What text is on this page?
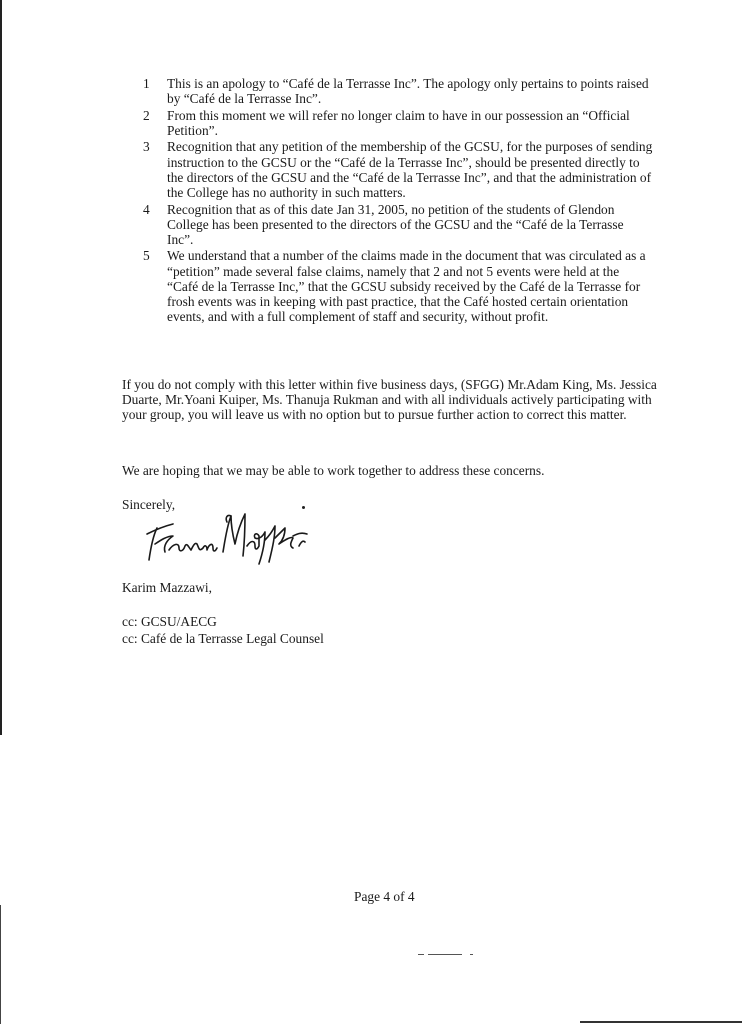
1 This is an apology to “Café de la Terrasse Inc”. The apology only pertains to points raised by “Café de la Terrasse Inc”.
2 From this moment we will refer no longer claim to have in our possession an “Official Petition”.
3 Recognition that any petition of the membership of the GCSU, for the purposes of sending instruction to the GCSU or the “Café de la Terrasse Inc”, should be presented directly to the directors of the GCSU and the “Café de la Terrasse Inc”, and that the administration of the College has no authority in such matters.
4 Recognition that as of this date Jan 31, 2005, no petition of the students of Glendon College has been presented to the directors of the GCSU and the “Café de la Terrasse Inc”.
5 We understand that a number of the claims made in the document that was circulated as a “petition” made several false claims, namely that 2 and not 5 events were held at the “Café de la Terrasse Inc,” that the GCSU subsidy received by the Café de la Terrasse for frosh events was in keeping with past practice, that the Café hosted certain orientation events, and with a full complement of staff and security, without profit.

If you do not comply with this letter within five business days, (SFGG) Mr.Adam King, Ms. Jessica Duarte, Mr.Yoani Kuiper, Ms. Thanuja Rukman and with all individuals actively participating with your group, you will leave us with no option but to pursue further action to correct this matter.

We are hoping that we may be able to work together to address these concerns.

Sincerely,

Karim Mazzawi,

cc: GCSU/AECG

cc: Café de la Terrasse Legal Counsel

Page 4 of 4
